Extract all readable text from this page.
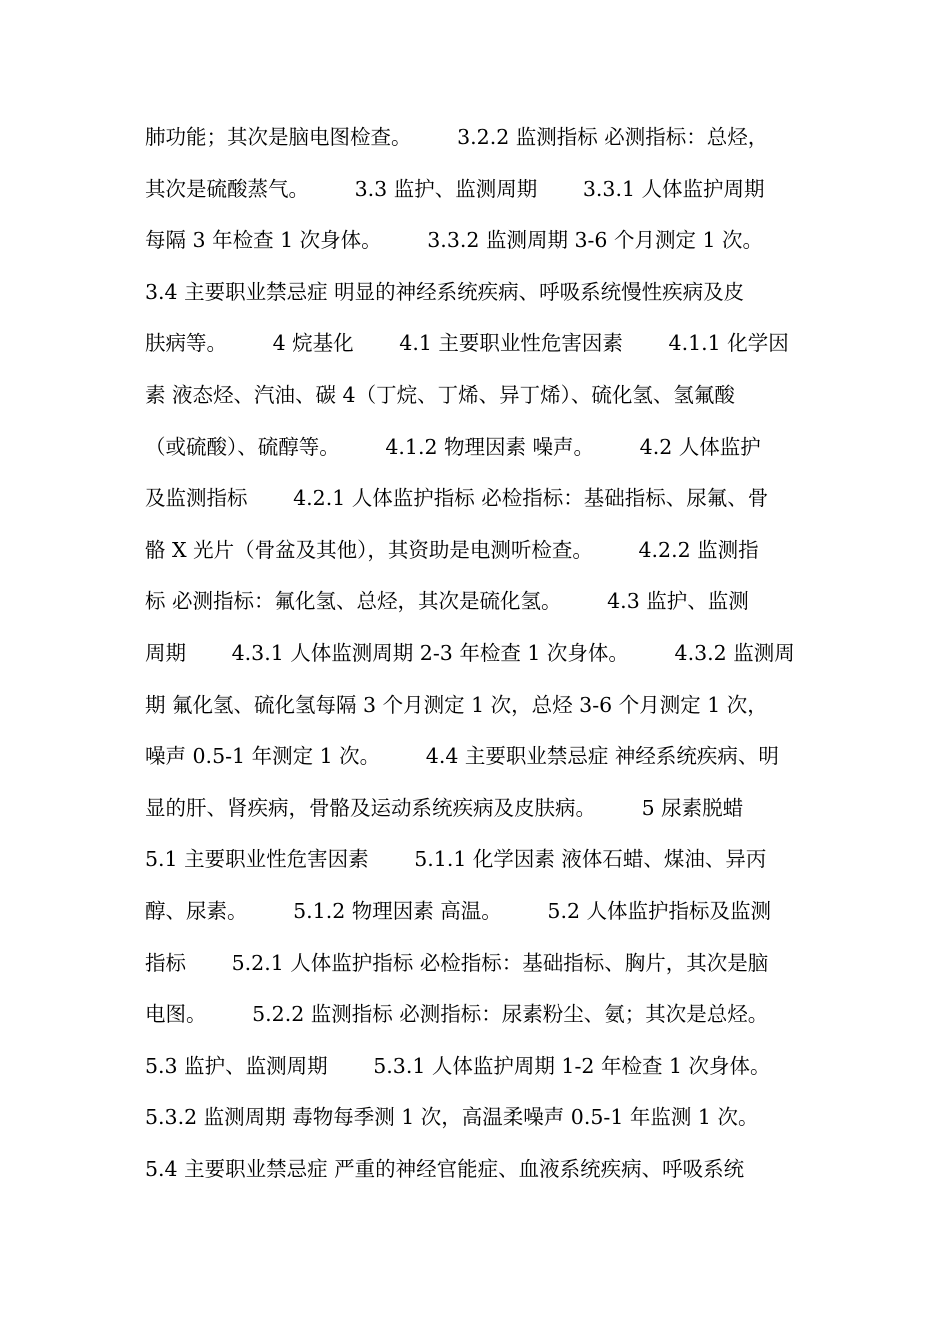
肺功能；其次是脑电图检查。       3.2.2 监测指标 必测指标：总烃，
其次是硫酸蒸气。       3.3 监护、监测周期       3.3.1 人体监护周期
每隔 3 年检查 1 次身体。       3.3.2 监测周期 3-6 个月测定 1 次。
3.4 主要职业禁忌症 明显的神经系统疾病、呼吸系统慢性疾病及皮
肤病等。       4 烷基化       4.1 主要职业性危害因素       4.1.1 化学因
素 液态烃、汽油、碳 4（丁烷、丁烯、异丁烯）、硫化氢、氢氟酸
（或硫酸）、硫醇等。       4.1.2 物理因素 噪声。       4.2 人体监护
及监测指标       4.2.1 人体监护指标 必检指标：基础指标、尿氟、骨
骼 X 光片（骨盆及其他），其资助是电测听检查。       4.2.2 监测指
标 必测指标：氟化氢、总烃，其次是硫化氢。       4.3 监护、监测
周期       4.3.1 人体监测周期 2-3 年检查 1 次身体。       4.3.2 监测周
期 氟化氢、硫化氢每隔 3 个月测定 1 次，总烃 3-6 个月测定 1 次，
噪声 0.5-1 年测定 1 次。       4.4 主要职业禁忌症 神经系统疾病、明
显的肝、肾疾病，骨骼及运动系统疾病及皮肤病。       5 尿素脱蜡
5.1 主要职业性危害因素       5.1.1 化学因素 液体石蜡、煤油、异丙
醇、尿素。       5.1.2 物理因素 高温。       5.2 人体监护指标及监测
指标       5.2.1 人体监护指标 必检指标：基础指标、胸片，其次是脑
电图。       5.2.2 监测指标 必测指标：尿素粉尘、氨；其次是总烃。
5.3 监护、监测周期       5.3.1 人体监护周期 1-2 年检查 1 次身体。
5.3.2 监测周期 毒物每季测 1 次，高温柔噪声 0.5-1 年监测 1 次。
5.4 主要职业禁忌症 严重的神经官能症、血液系统疾病、呼吸系统
